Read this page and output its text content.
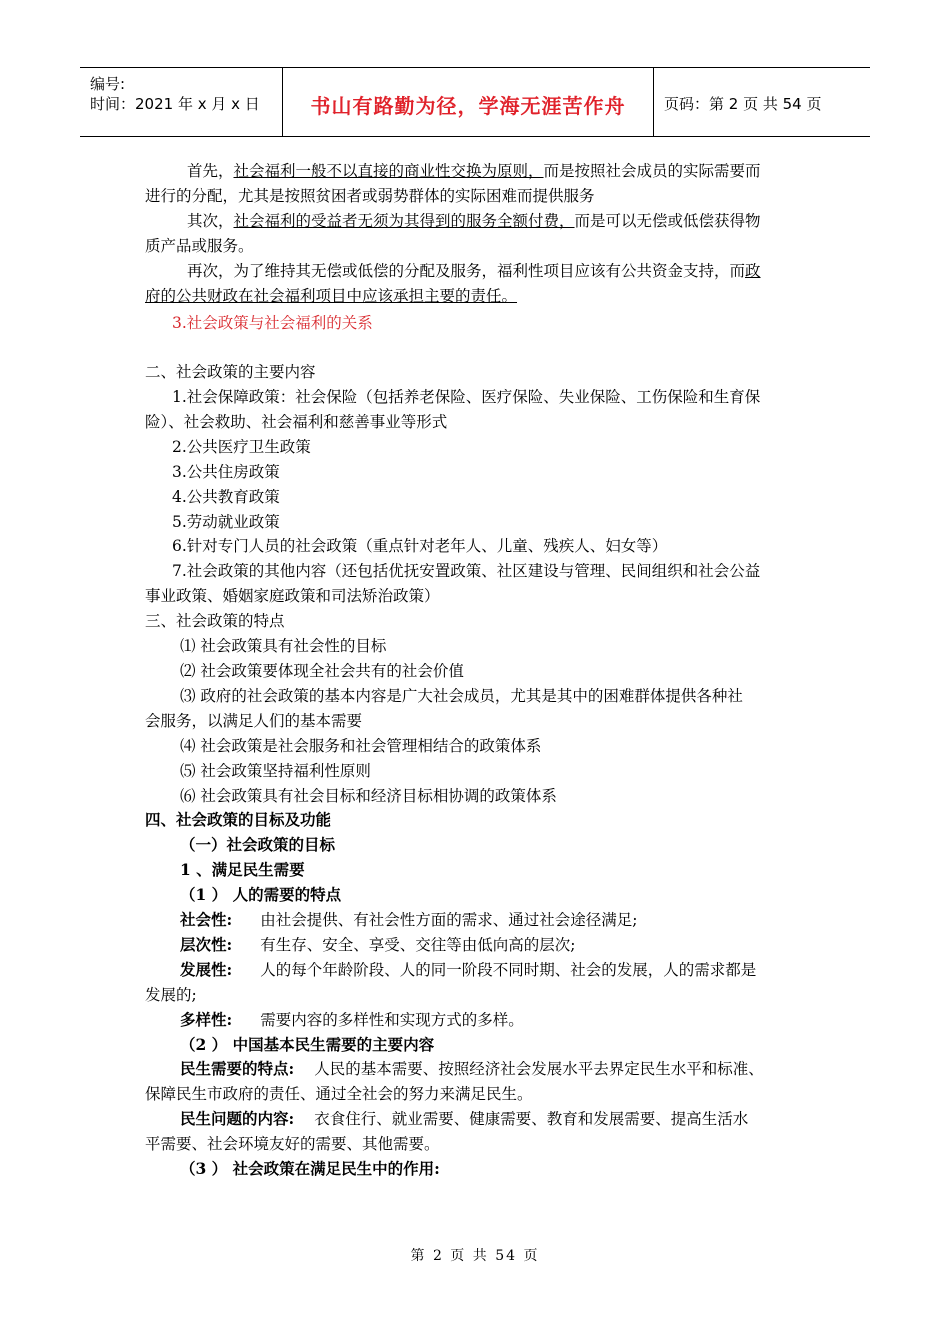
编号:
时间：2021 年 x 月 x 日	书山有路勤为径，学海无涯苦作舟	页码：第 2 页 共 54 页
首先，社会福利一般不以直接的商业性交换为原则，而是按照社会成员的实际需要而
进行的分配，尤其是按照贫困者或弱势群体的实际困难而提供服务
其次，社会福利的受益者无须为其得到的服务全额付费，而是可以无偿或低偿获得物
质产品或服务。
再次，为了维持其无偿或低偿的分配及服务，福利性项目应该有公共资金支持，而政
府的公共财政在社会福利项目中应该承担主要的责任。
3.社会政策与社会福利的关系
二、社会政策的主要内容
1.社会保障政策：社会保险（包括养老保险、医疗保险、失业保险、工伤保险和生育保
险）、社会救助、社会福利和慈善事业等形式
2.公共医疗卫生政策
3.公共住房政策
4.公共教育政策
5.劳动就业政策
6.针对专门人员的社会政策（重点针对老年人、儿童、残疾人、妇女等）
7.社会政策的其他内容（还包括优抚安置政策、社区建设与管理、民间组织和社会公益
事业政策、婚姻家庭政策和司法矫治政策）
三、社会政策的特点
⑴ 社会政策具有社会性的目标
⑵ 社会政策要体现全社会共有的社会价值
⑶ 政府的社会政策的基本内容是广大社会成员，尤其是其中的困难群体提供各种社
会服务，以满足人们的基本需要
⑷ 社会政策是社会服务和社会管理相结合的政策体系
⑸ 社会政策坚持福利性原则
⑹ 社会政策具有社会目标和经济目标相协调的政策体系
四、社会政策的目标及功能
（一）社会政策的目标
1 、满足民生需要
（1 ） 人的需要的特点
社会性: 由社会提供、有社会性方面的需求、通过社会途径满足;
层次性: 有生存、安全、享受、交往等由低向高的层次;
发展性: 人的每个年龄阶段、人的同一阶段不同时期、社会的发展，人的需求都是
发展的;
多样性: 需要内容的多样性和实现方式的多样。
（2 ） 中国基本民生需要的主要内容
民生需要的特点: 人民的基本需要、按照经济社会发展水平去界定民生水平和标准、
保障民生市政府的责任、通过全社会的努力来满足民生。
民生问题的内容: 衣食住行、就业需要、健康需要、教育和发展需要、提高生活水
平需要、社会环境友好的需要、其他需要。
（3 ） 社会政策在满足民生中的作用:
第 2 页 共 54 页
